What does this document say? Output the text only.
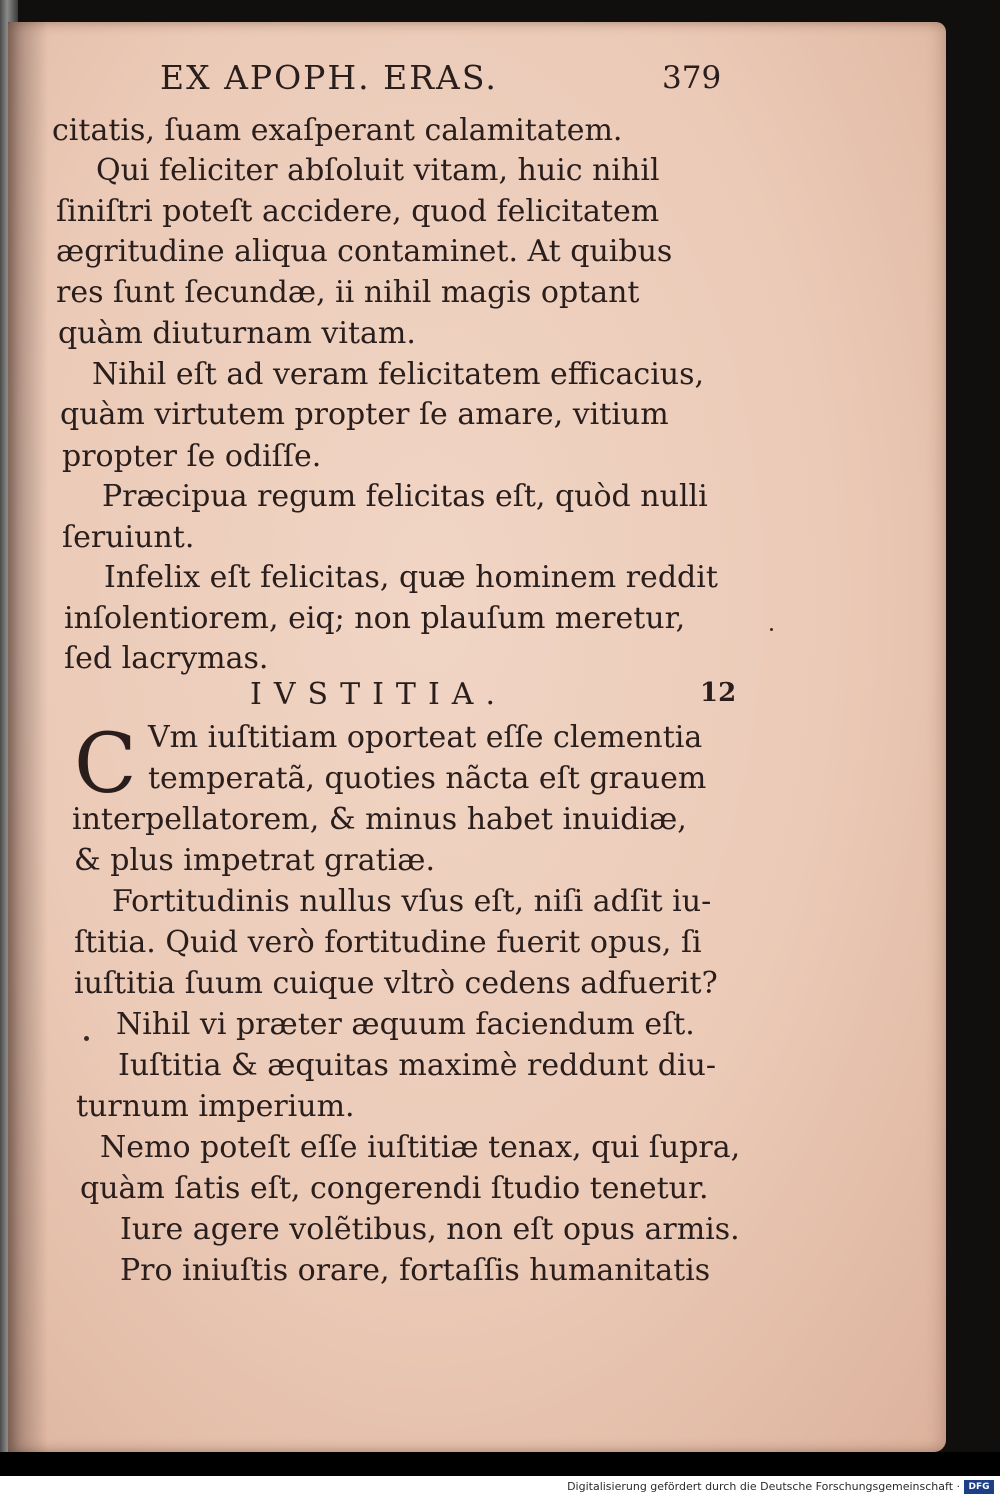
EX APOPH. ERAS.	379
citatis, ſuam exaſperant calamitatem.
Qui feliciter abſoluit vitam, huic nihil
ſiniſtri poteſt accidere, quod felicitatem
ægritudine aliqua contaminet. At quibus
res ſunt ſecundæ, ii nihil magis optant
quàm diuturnam vitam.
Nihil eſt ad veram felicitatem efficacius,
quàm virtutem propter ſe amare, vitium
propter ſe odiſſe.
Præcipua regum felicitas eſt, quòd nulli
ſeruiunt.
Infelix eſt felicitas, quæ hominem reddit
inſolentiorem, eiq; non plauſum meretur,
ſed lacrymas.
IVSTITIA.	12
C Vm iuſtitiam oporteat eſſe clementia
temperatã, quoties nãcta eſt grauem
interpellatorem, & minus habet inuidiæ,
& plus impetrat gratiæ.
Fortitudinis nullus vſus eſt, niſi adſit iu-
ſtitia. Quid verò fortitudine fuerit opus, ſi
iuſtitia ſuum cuique vltrò cedens adfuerit?
Nihil vi præter æquum faciendum eſt.
Iuſtitia & æquitas maximè reddunt diu-
turnum imperium.
Nemo poteſt eſſe iuſtitiæ tenax, qui ſupra,
quàm ſatis eſt, congerendi ſtudio tenetur.
Iure agere volẽtibus, non eſt opus armis.
Pro iniuſtis orare, fortaſſis humanitatis
Digitalisierung gefördert durch die Deutsche Forschungsgemeinschaft · DFG
